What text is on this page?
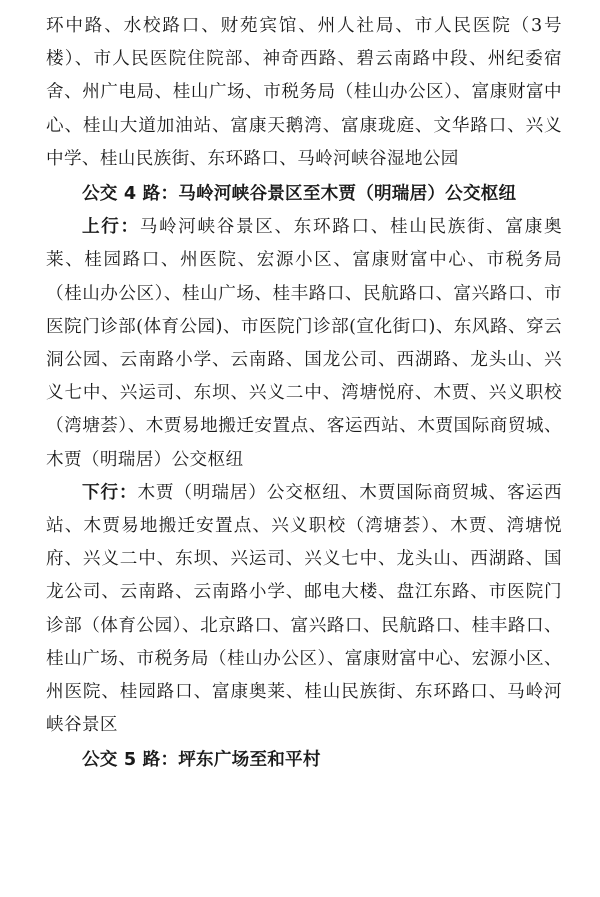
环中路、水校路口、财苑宾馆、州人社局、市人民医院（3号楼）、市人民医院住院部、神奇西路、碧云南路中段、州纪委宿舍、州广电局、桂山广场、市税务局（桂山办公区）、富康财富中心、桂山大道加油站、富康天鹅湾、富康珑庭、文华路口、兴义中学、桂山民族街、东环路口、马岭河峡谷湿地公园

公交 4 路：马岭河峡谷景区至木贾（明瑞居）公交枢纽

上行：马岭河峡谷景区、东环路口、桂山民族街、富康奥莱、桂园路口、州医院、宏源小区、富康财富中心、市税务局（桂山办公区）、桂山广场、桂丰路口、民航路口、富兴路口、市医院门诊部(体育公园)、市医院门诊部(宣化街口)、东风路、穿云洞公园、云南路小学、云南路、国龙公司、西湖路、龙头山、兴义七中、兴运司、东坝、兴义二中、湾塘悦府、木贾、兴义职校（湾塘荟）、木贾易地搬迁安置点、客运西站、木贾国际商贸城、木贾（明瑞居）公交枢纽

下行：木贾（明瑞居）公交枢纽、木贾国际商贸城、客运西站、木贾易地搬迁安置点、兴义职校（湾塘荟）、木贾、湾塘悦府、兴义二中、东坝、兴运司、兴义七中、龙头山、西湖路、国龙公司、云南路、云南路小学、邮电大楼、盘江东路、市医院门诊部（体育公园）、北京路口、富兴路口、民航路口、桂丰路口、桂山广场、市税务局（桂山办公区）、富康财富中心、宏源小区、州医院、桂园路口、富康奥莱、桂山民族街、东环路口、马岭河峡谷景区

公交 5 路：坪东广场至和平村
